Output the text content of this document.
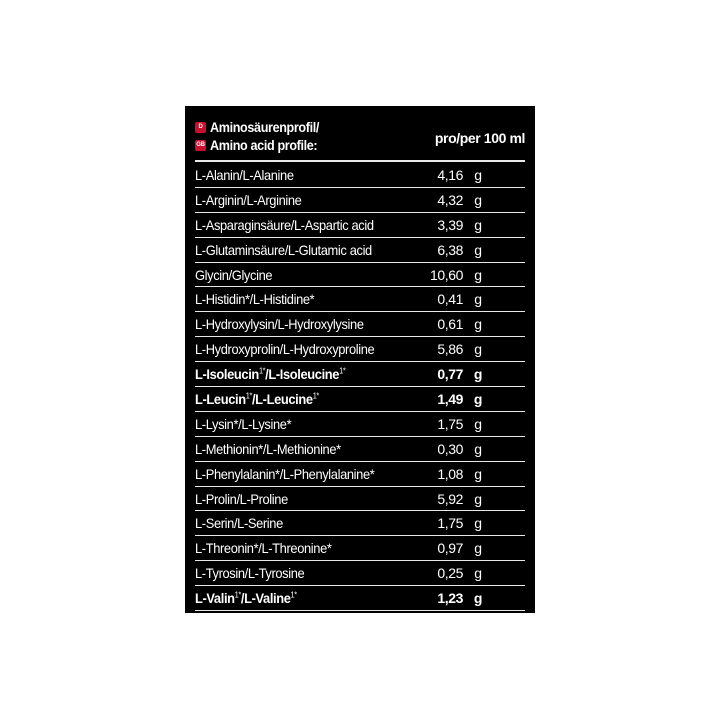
D Aminosäurenprofil/
GB Amino acid profile:	pro/per 100 ml
L-Alanin/L-Alanine	4,16 g
L-Arginin/L-Arginine	4,32 g
L-Asparaginsäure/L-Aspartic acid	3,39 g
L-Glutaminsäure/L-Glutamic acid	6,38 g
Glycin/Glycine	10,60 g
L-Histidin*/L-Histidine*	0,41 g
L-Hydroxylysin/L-Hydroxylysine	0,61 g
L-Hydroxyprolin/L-Hydroxyproline	5,86 g
L-Isoleucin$^{1*}$/L-Isoleucine$^{1*}$	0,77 g
L-Leucin$^{1*}$/L-Leucine$^{1*}$	1,49 g
L-Lysin*/L-Lysine*	1,75 g
L-Methionin*/L-Methionine*	0,30 g
L-Phenylalanin*/L-Phenylalanine*	1,08 g
L-Prolin/L-Proline	5,92 g
L-Serin/L-Serine	1,75 g
L-Threonin*/L-Threonine*	0,97 g
L-Tyrosin/L-Tyrosine	0,25 g
L-Valin$^{1*}$/L-Valine$^{1*}$	1,23 g
